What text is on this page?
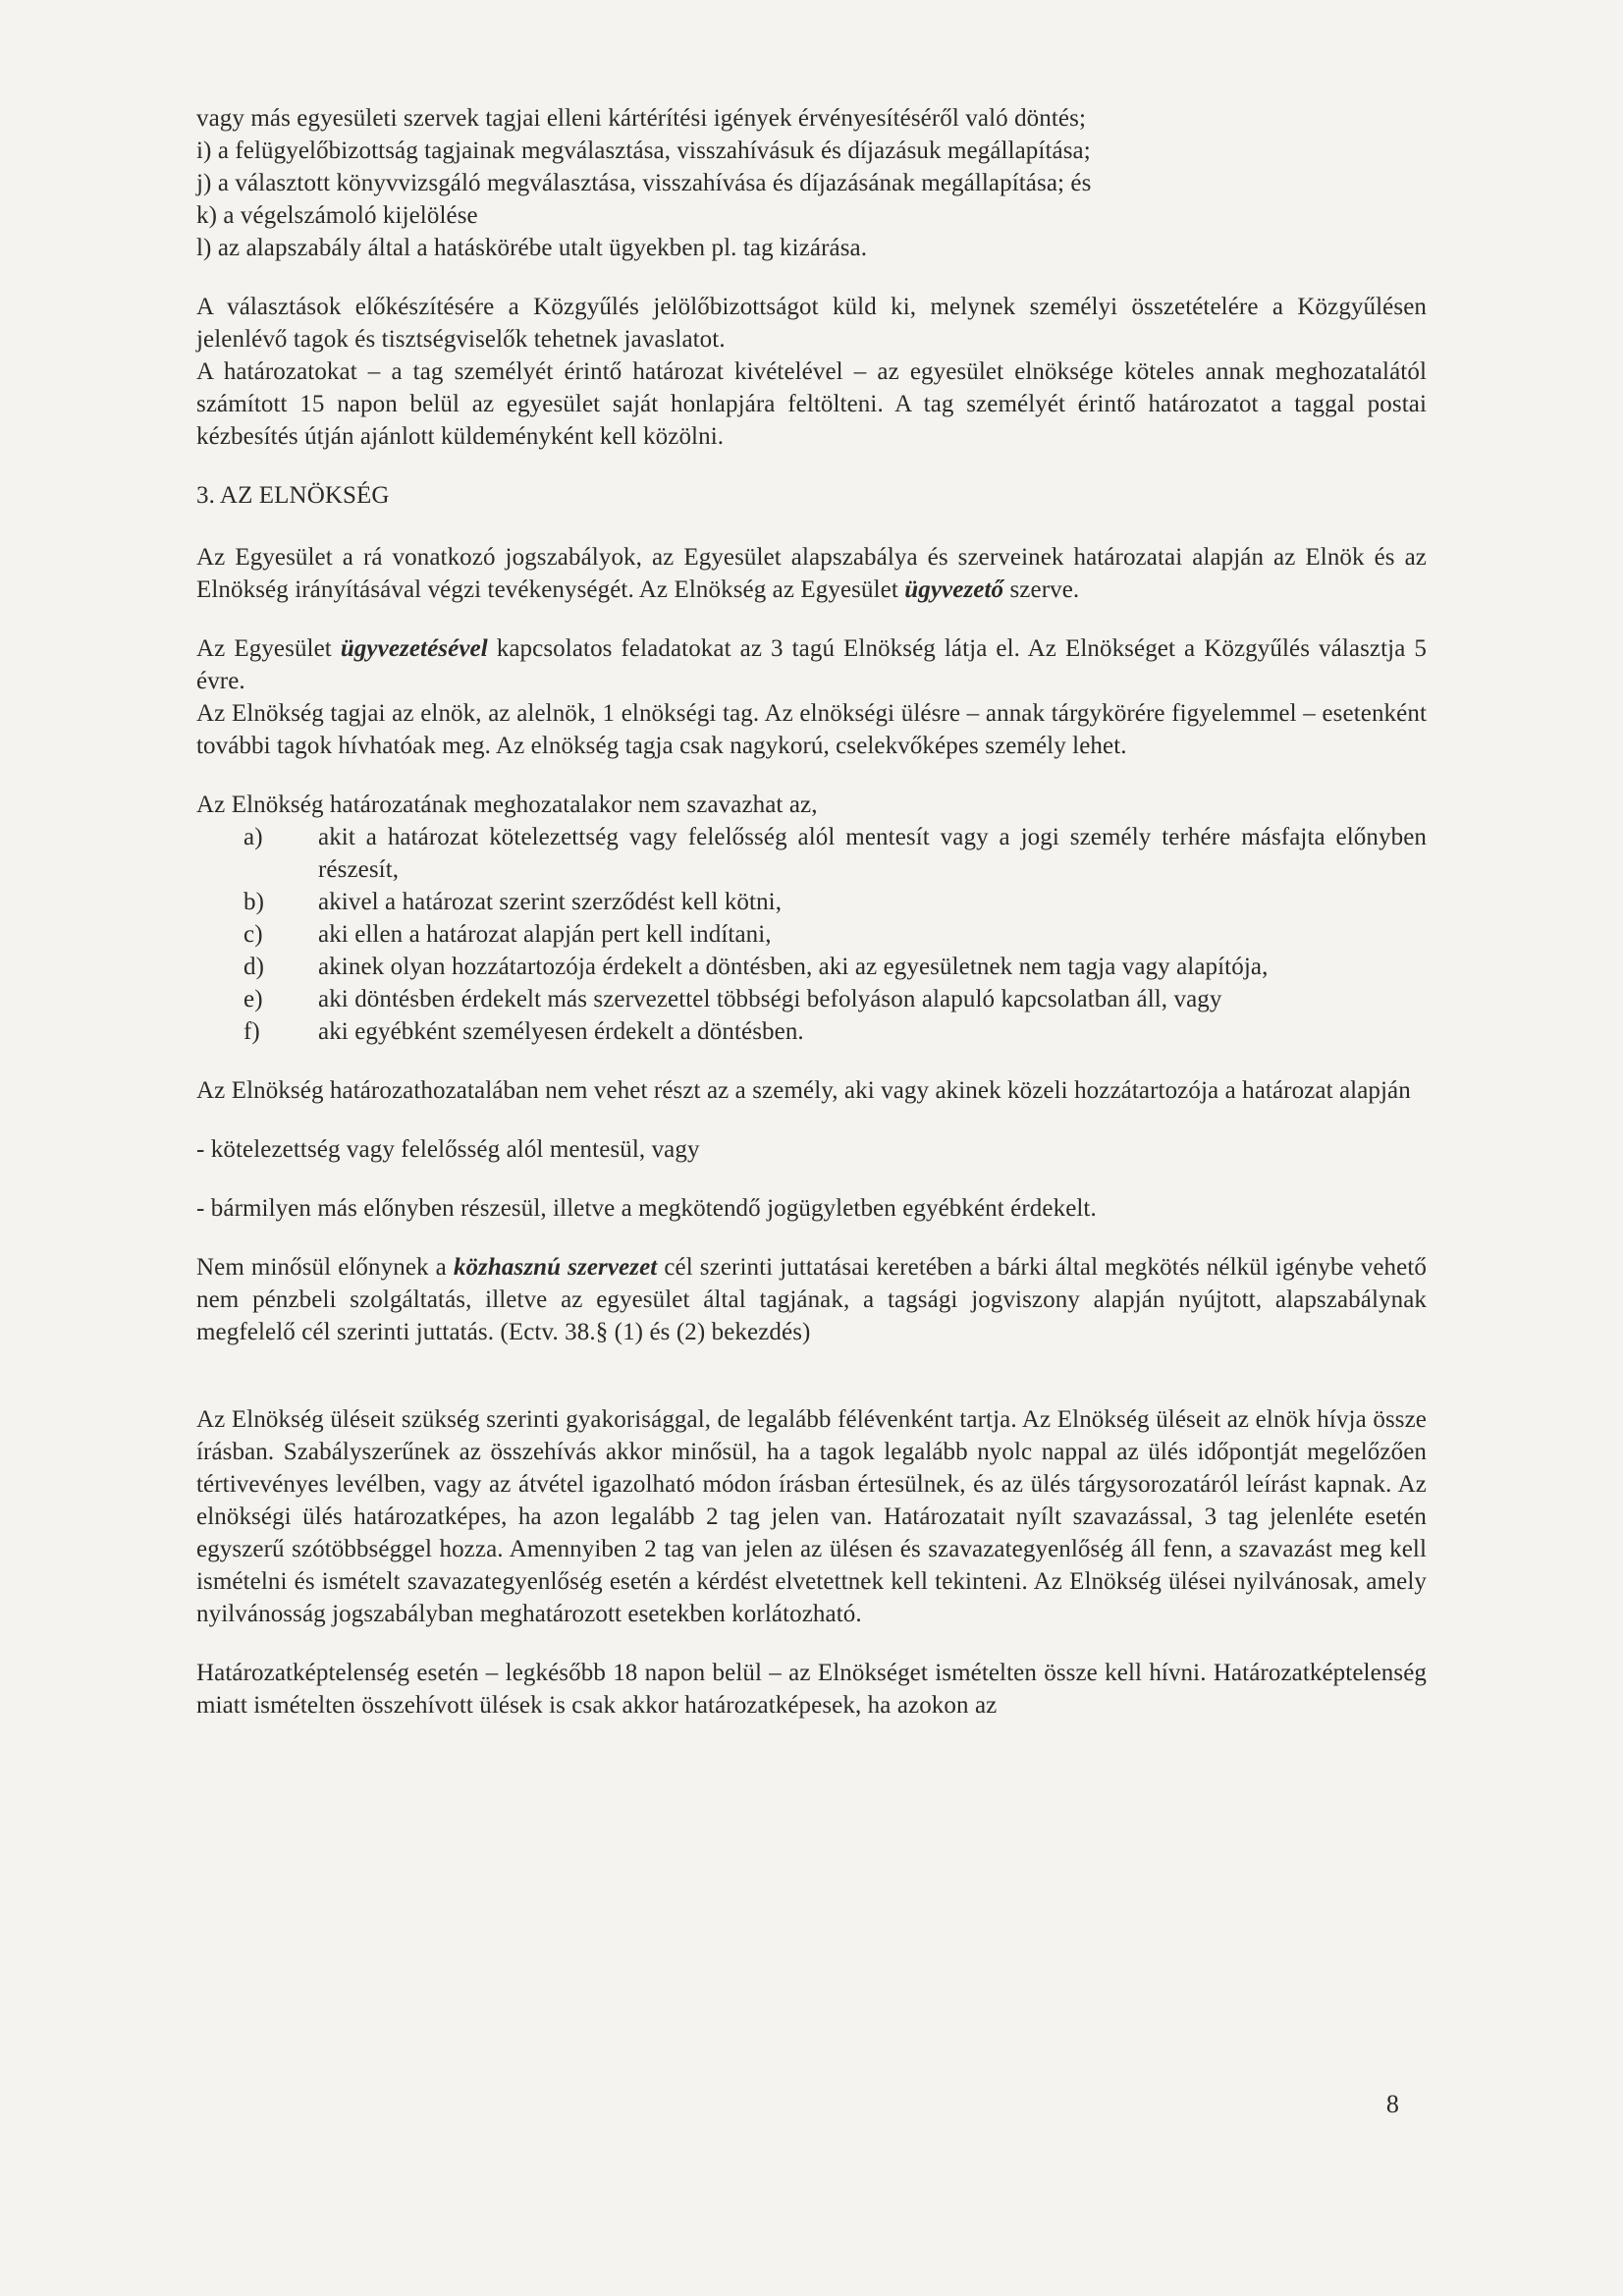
vagy más egyesületi szervek tagjai elleni kártérítési igények érvényesítéséről való döntés;

i) a felügyelőbizottság tagjainak megválasztása, visszahívásuk és díjazásuk megállapítása;

j) a választott könyvvizsgáló megválasztása, visszahívása és díjazásának megállapítása; és

k) a végelszámoló kijelölése

l) az alapszabály által a hatáskörébe utalt ügyekben pl. tag kizárása.

A választások előkészítésére a Közgyűlés jelölőbizottságot küld ki, melynek személyi összetételére a Közgyűlésen jelenlévő tagok és tisztségviselők tehetnek javaslatot.

A határozatokat – a tag személyét érintő határozat kivételével – az egyesület elnöksége köteles annak meghozatalától számított 15 napon belül az egyesület saját honlapjára feltölteni. A tag személyét érintő határozatot a taggal postai kézbesítés útján ajánlott küldeményként kell közölni.

3. AZ ELNÖKSÉG

Az Egyesület a rá vonatkozó jogszabályok, az Egyesület alapszabálya és szerveinek határozatai alapján az Elnök és az Elnökség irányításával végzi tevékenységét. Az Elnökség az Egyesület ügyvezető szerve.

Az Egyesület ügyvezetésével kapcsolatos feladatokat az 3 tagú Elnökség látja el. Az Elnökséget a Közgyűlés választja 5 évre.

Az Elnökség tagjai az elnök, az alelnök, 1 elnökségi tag. Az elnökségi ülésre – annak tárgykörére figyelemmel – esetenként további tagok hívhatóak meg. Az elnökség tagja csak nagykorú, cselekvőképes személy lehet.

Az Elnökség határozatának meghozatalakor nem szavazhat az,

a)	akit a határozat kötelezettség vagy felelősség alól mentesít vagy a jogi személy terhére másfajta előnyben részesít,
b)	akivel a határozat szerint szerződést kell kötni,
c)	aki ellen a határozat alapján pert kell indítani,
d)	akinek olyan hozzátartozója érdekelt a döntésben, aki az egyesületnek nem tagja vagy alapítója,
e)	aki döntésben érdekelt más szervezettel többségi befolyáson alapuló kapcsolatban áll, vagy
f)	aki egyébként személyesen érdekelt a döntésben.

Az Elnökség határozathozatalában nem vehet részt az a személy, aki vagy akinek közeli hozzátartozója a határozat alapján

- kötelezettség vagy felelősség alól mentesül, vagy

- bármilyen más előnyben részesül, illetve a megkötendő jogügyletben egyébként érdekelt.

Nem minősül előnynek a közhasznú szervezet cél szerinti juttatásai keretében a bárki által megkötés nélkül igénybe vehető nem pénzbeli szolgáltatás, illetve az egyesület által tagjának, a tagsági jogviszony alapján nyújtott, alapszabálynak megfelelő cél szerinti juttatás. (Ectv. 38.§ (1) és (2) bekezdés)

Az Elnökség üléseit szükség szerinti gyakorisággal, de legalább félévenként tartja. Az Elnökség üléseit az elnök hívja össze írásban. Szabályszerűnek az összehívás akkor minősül, ha a tagok legalább nyolc nappal az ülés időpontját megelőzően tértivevényes levélben, vagy az átvétel igazolható módon írásban értesülnek, és az ülés tárgysorozatáról leírást kapnak. Az elnökségi ülés határozatképes, ha azon legalább 2 tag jelen van. Határozatait nyílt szavazással, 3 tag jelenléte esetén egyszerű szótöbbséggel hozza. Amennyiben 2 tag van jelen az ülésen és szavazategyenlőség áll fenn, a szavazást meg kell ismételni és ismételt szavazategyenlőség esetén a kérdést elvetettnek kell tekinteni. Az Elnökség ülései nyilvánosak, amely nyilvánosság jogszabályban meghatározott esetekben korlátozható.

Határozatképtelenség esetén – legkésőbb 18 napon belül – az Elnökséget ismételten össze kell hívni. Határozatképtelenség miatt ismételten összehívott ülések is csak akkor határozatképesek, ha azokon az

8
